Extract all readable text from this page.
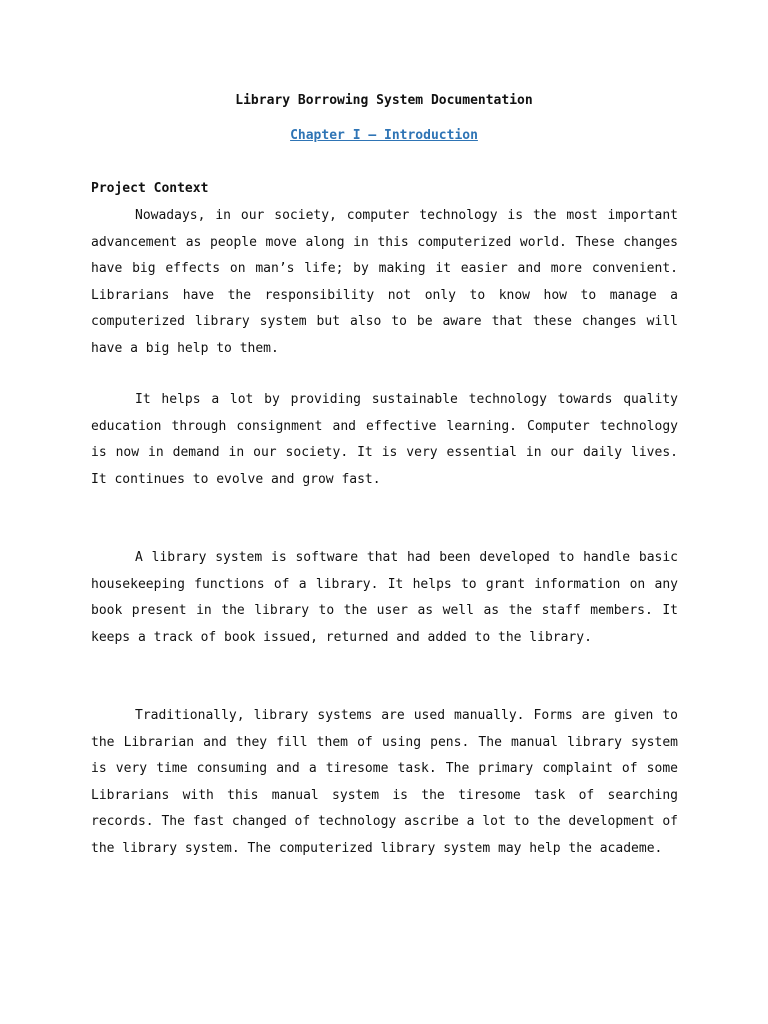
Library Borrowing System Documentation
Chapter I – Introduction
Project Context

Nowadays, in our society, computer technology is the most important advancement as people move along in this computerized world. These changes have big effects on man’s life; by making it easier and more convenient. Librarians have the responsibility not only to know how to manage a computerized library system but also to be aware that these changes will have a big help to them.

It helps a lot by providing sustainable technology towards quality education through consignment and effective learning. Computer technology is now in demand in our society. It is very essential in our daily lives. It continues to evolve and grow fast.

A library system is software that had been developed to handle basic housekeeping functions of a library. It helps to grant information on any book present in the library to the user as well as the staff members. It keeps a track of book issued, returned and added to the library.

Traditionally, library systems are used manually. Forms are given to the Librarian and they fill them of using pens. The manual library system is very time consuming and a tiresome task. The primary complaint of some Librarians with this manual system is the tiresome task of searching records. The fast changed of technology ascribe a lot to the development of the library system. The computerized library system may help the academe.
